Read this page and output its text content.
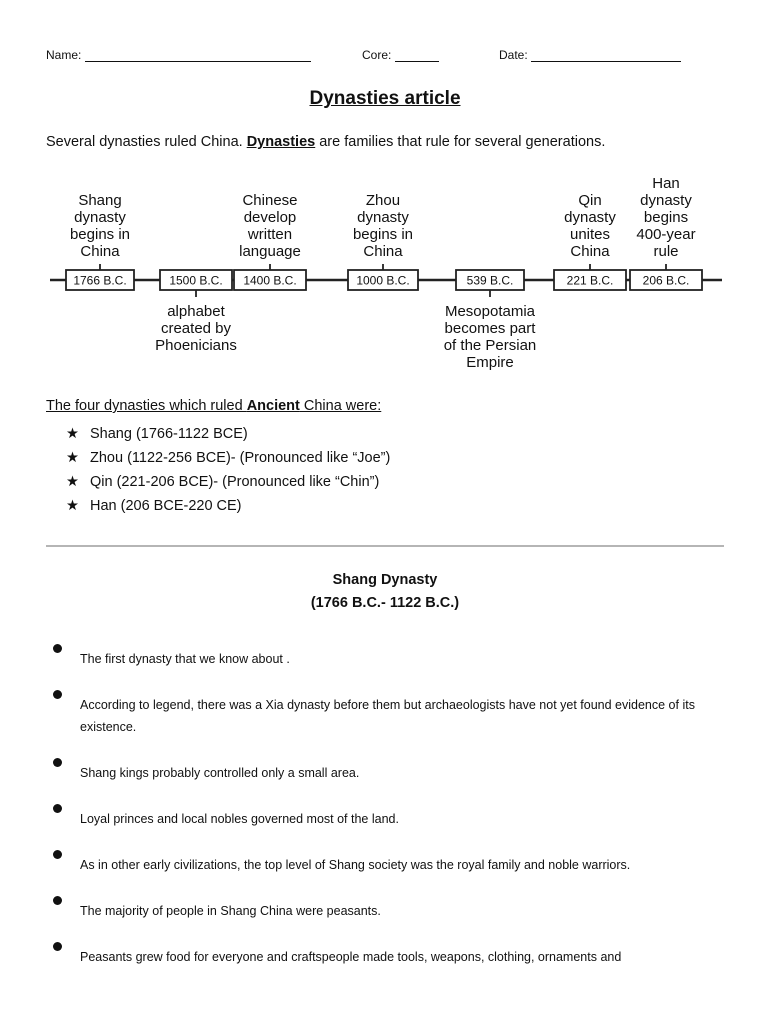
Name:	Core:	Date:
Dynasties article
Several dynasties ruled China. Dynasties are families that rule for several generations.
1766 B.C.	1500 B.C. 1400 B.C.	1000 B.C.	539 B.C.	221 B.C. 206 B.C.
Shang
dynasty
begins in
China
Chinese
develop
written
language
Zhou
dynasty
begins in
China
Qin
dynasty
unites
China
Han
dynasty
begins
400-year
rule
alphabet
created by
Phoenicians
Mesopotamia
becomes part
of the Persian
Empire
The four dynasties which ruled Ancient China were:
★ Shang (1766-1122 BCE)
★ Zhou (1122-256 BCE)- (Pronounced like “Joe”)
★ Qin (221-206 BCE)- (Pronounced like “Chin”)
★ Han (206 BCE-220 CE)
Shang Dynasty
(1766 B.C.- 1122 B.C.)
The first dynasty that we know about .
According to legend, there was a Xia dynasty before them but archaeologists have not yet found evidence of its existence.
Shang kings probably controlled only a small area.
Loyal princes and local nobles governed most of the land.
As in other early civilizations, the top level of Shang society was the royal family and noble warriors.
The majority of people in Shang China were peasants.
Peasants grew food for everyone and craftspeople made tools, weapons, clothing, ornaments and
